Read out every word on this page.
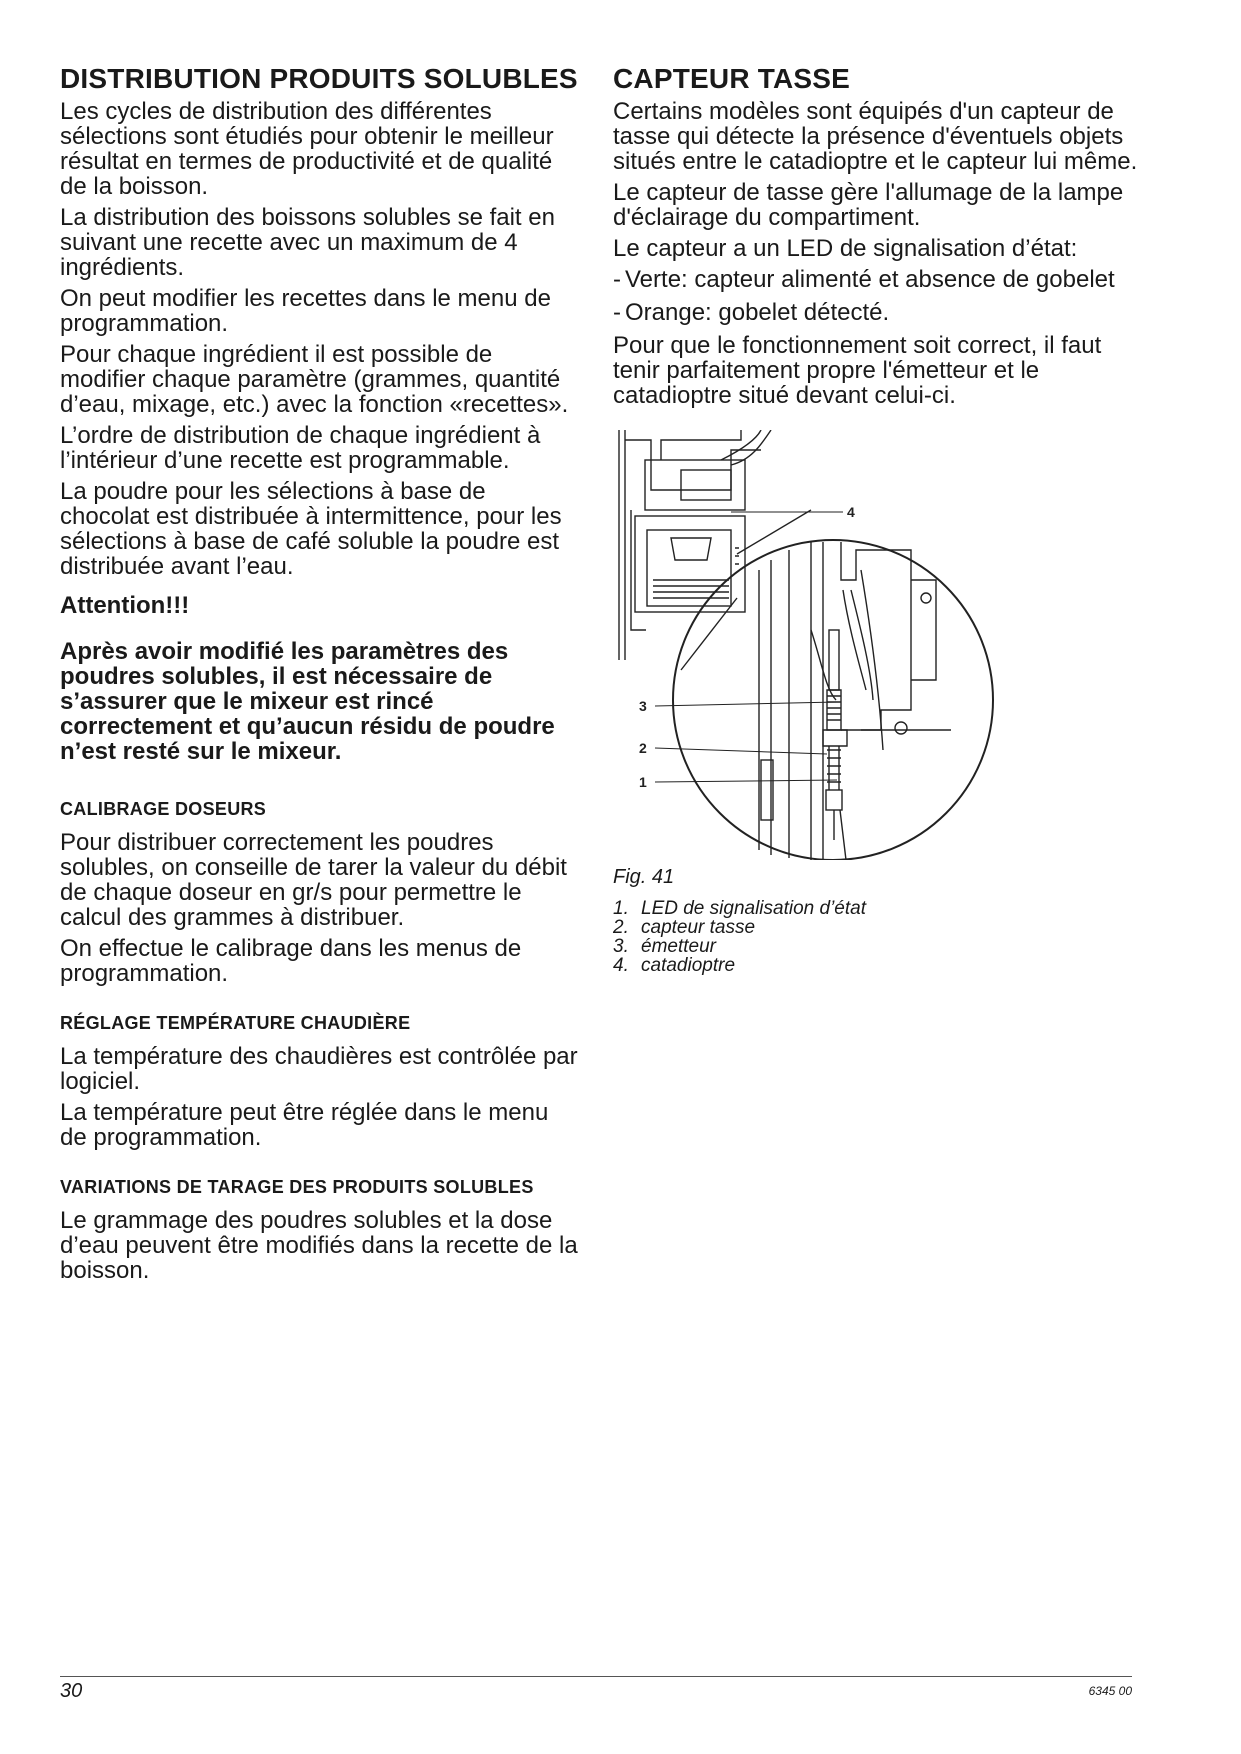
DISTRIBUTION PRODUITS SOLUBLES

Les cycles de distribution des différentes sélections sont étudiés pour obtenir le meilleur résultat en termes de productivité et de qualité de la boisson.

La distribution des boissons solubles se fait en suivant une recette avec un maximum de 4 ingrédients.

On peut modifier les recettes dans le menu de programmation.

Pour chaque ingrédient il est possible de modifier chaque paramètre (grammes, quantité d’eau, mixage, etc.) avec la fonction «recettes».

L’ordre de distribution de chaque ingrédient à l’intérieur d’une recette est programmable.

La poudre pour les sélections à base de chocolat est distribuée à intermittence, pour les sélections à base de café soluble la poudre est distribuée avant l’eau.

Attention!!!
Après avoir modifié les paramètres des poudres solubles, il est nécessaire de s’assurer que le mixeur est rincé correctement et qu’aucun résidu de poudre n’est resté sur le mixeur.
CALIBRAGE DOSEURS

Pour distribuer correctement les poudres solubles, on conseille de tarer la valeur du débit de chaque doseur en gr/s pour permettre le calcul des grammes à distribuer.

On effectue le calibrage dans les menus de programmation.

RÉGLAGE TEMPÉRATURE CHAUDIÈRE

La température des chaudières est contrôlée par logiciel.

La température peut être réglée dans le menu de programmation.

VARIATIONS DE TARAGE DES PRODUITS SOLUBLES

Le grammage des poudres solubles et la dose d’eau peuvent être modifiés dans la recette de la boisson.

CAPTEUR TASSE

Certains modèles sont équipés d'un capteur de tasse qui détecte la présence d'éventuels objets situés entre le catadioptre et le capteur lui même.

Le capteur de tasse gère l'allumage de la lampe d'éclairage du compartiment.

Le capteur a un LED de signalisation d’état:

- Verte: capteur alimenté et absence de gobelet
- Orange: gobelet détecté.

Pour que le fonctionnement soit correct, il faut tenir parfaitement propre l'émetteur et le catadioptre situé devant celui-ci.

4
3
2
1
Fig. 41
1. LED de signalisation d’état
2. capteur tasse
3. émetteur
4. catadioptre
30	6345 00
